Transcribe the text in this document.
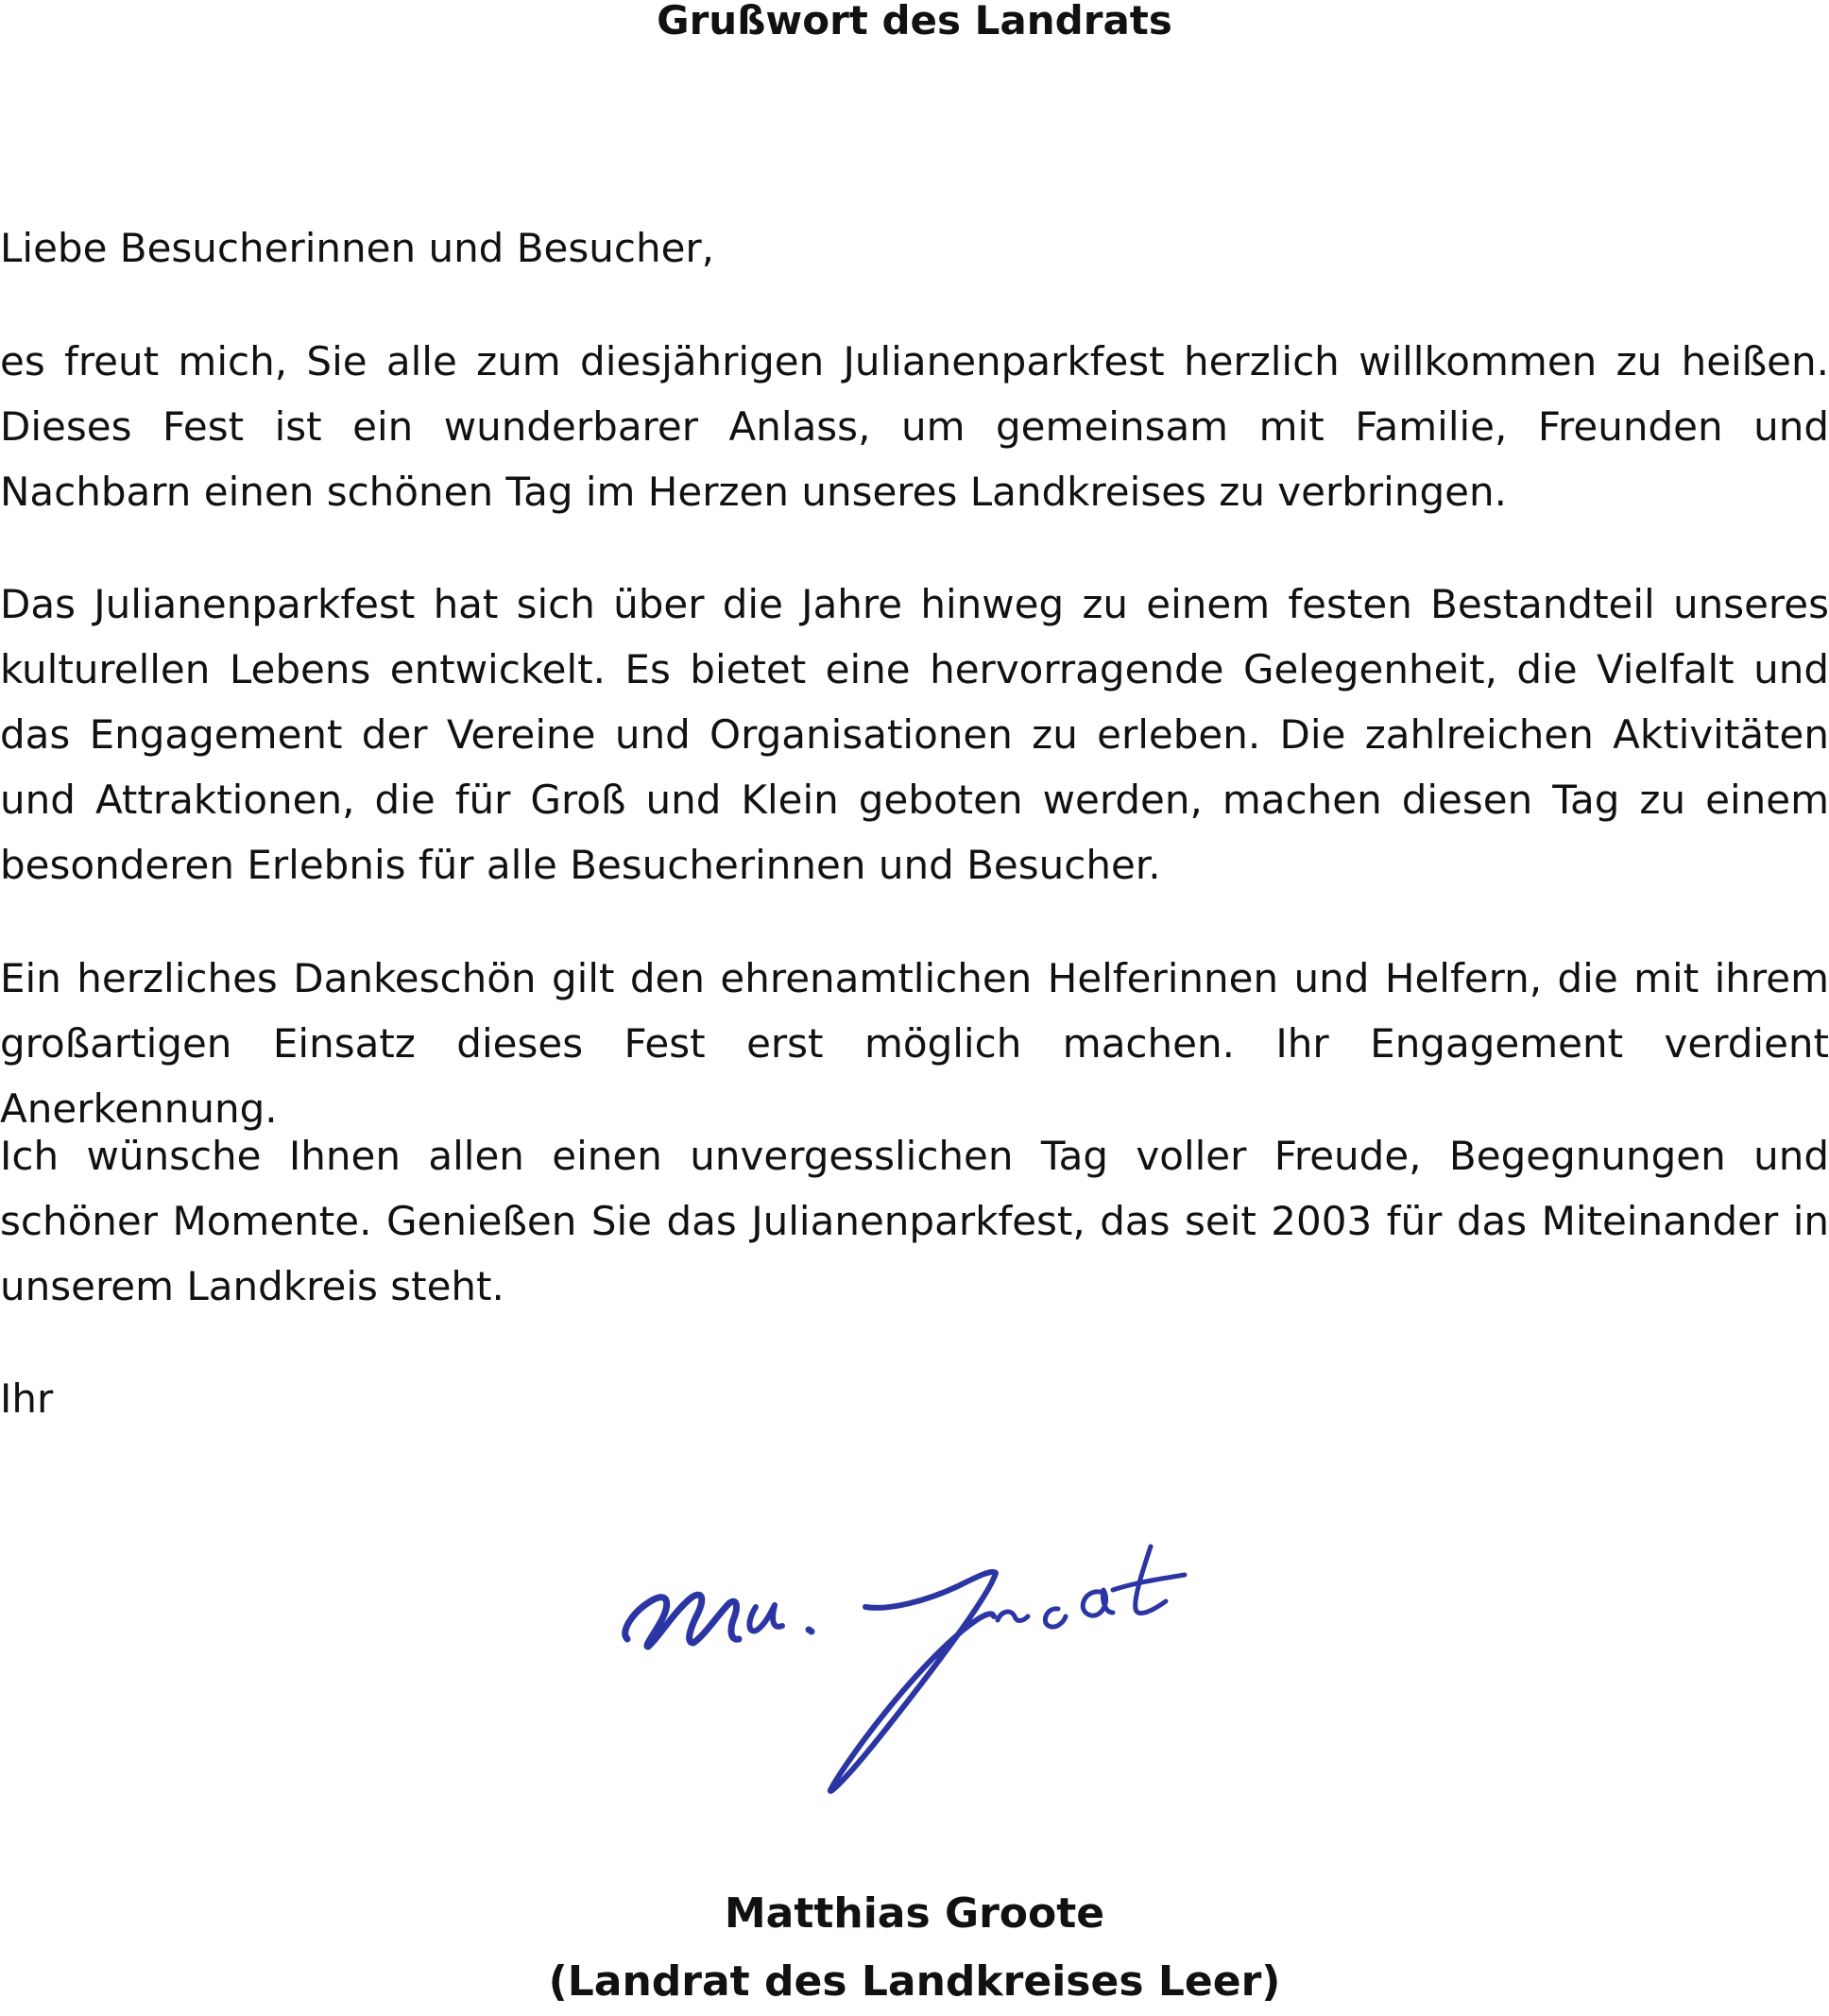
Grußwort des Landrats

Liebe Besucherinnen und Besucher,

es freut mich, Sie alle zum diesjährigen Julianenparkfest herzlich willkommen zu heißen. Dieses Fest ist ein wunderbarer Anlass, um gemeinsam mit Familie, Freunden und Nachbarn einen schönen Tag im Herzen unseres Landkreises zu verbringen.

Das Julianenparkfest hat sich über die Jahre hinweg zu einem festen Bestandteil unseres kulturellen Lebens entwickelt. Es bietet eine hervorragende Gelegenheit, die Vielfalt und das Engagement der Vereine und Organisationen zu erleben. Die zahlreichen Aktivitäten und Attraktionen, die für Groß und Klein geboten werden, machen diesen Tag zu einem besonderen Erlebnis für alle Besucherinnen und Besucher.

Ein herzliches Dankeschön gilt den ehrenamtlichen Helferinnen und Helfern, die mit ihrem großartigen Einsatz dieses Fest erst möglich machen. Ihr Engagement verdient Anerkennung.

Ich wünsche Ihnen allen einen unvergesslichen Tag voller Freude, Begegnungen und schöner Momente. Genießen Sie das Julianenparkfest, das seit 2003 für das Miteinander in unserem Landkreis steht.

Ihr

Matthias Groote

(Landrat des Landkreises Leer)
